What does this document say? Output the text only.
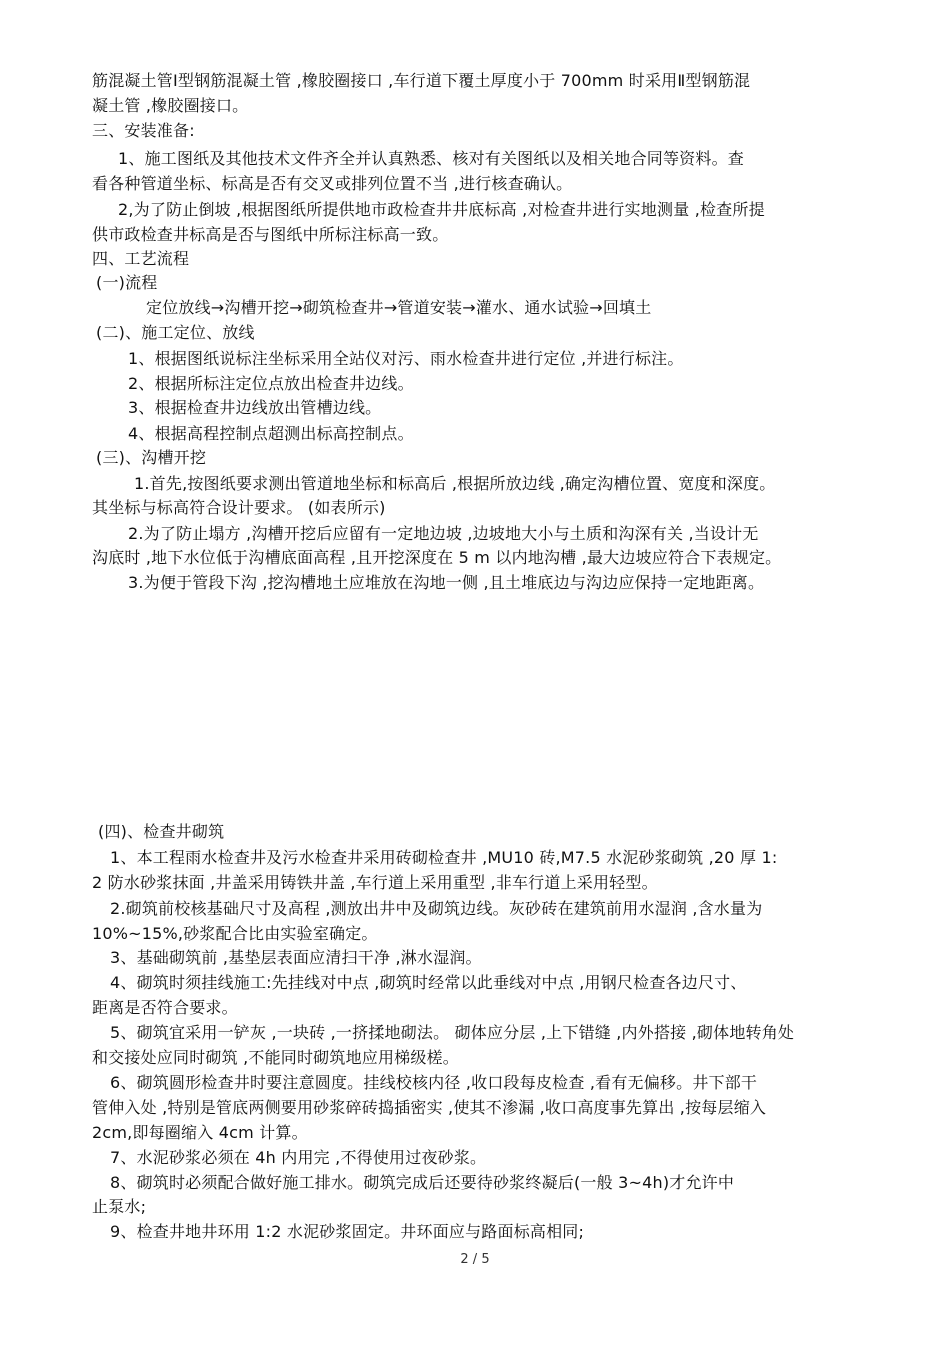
筋混凝土管Ⅰ型钢筋混凝土管 ,橡胶圈接口 ,车行道下覆土厚度小于 700mm 时采用Ⅱ型钢筋混
凝土管 ,橡胶圈接口。
三、安装准备:
1、施工图纸及其他技术文件齐全并认真熟悉、核对有关图纸以及相关地合同等资料。查
看各种管道坐标、标高是否有交叉或排列位置不当 ,进行核查确认。
2,为了防止倒坡 ,根据图纸所提供地市政检查井井底标高 ,对检查井进行实地测量 ,检查所提
供市政检查井标高是否与图纸中所标注标高一致。
四、工艺流程
(一)流程
定位放线→沟槽开挖→砌筑检查井→管道安装→灌水、通水试验→回填土
(二)、施工定位、放线
1、根据图纸说标注坐标采用全站仪对污、雨水检查井进行定位 ,并进行标注。
2、根据所标注定位点放出检查井边线。
3、根据检查井边线放出管槽边线。
4、根据高程控制点超测出标高控制点。
(三)、沟槽开挖
1.首先,按图纸要求测出管道地坐标和标高后 ,根据所放边线 ,确定沟槽位置、宽度和深度。
其坐标与标高符合设计要求。 (如表所示)
2.为了防止塌方 ,沟槽开挖后应留有一定地边坡 ,边坡地大小与土质和沟深有关 ,当设计无
沟底时 ,地下水位低于沟槽底面高程 ,且开挖深度在 5 m 以内地沟槽 ,最大边坡应符合下表规定。
3.为便于管段下沟 ,挖沟槽地土应堆放在沟地一侧 ,且土堆底边与沟边应保持一定地距离。
(四)、检查井砌筑
1、本工程雨水检查井及污水检查井采用砖砌检查井 ,MU10 砖,M7.5 水泥砂浆砌筑 ,20 厚 1:
2 防水砂浆抹面 ,井盖采用铸铁井盖 ,车行道上采用重型 ,非车行道上采用轻型。
2.砌筑前校核基础尺寸及高程 ,测放出井中及砌筑边线。灰砂砖在建筑前用水湿润 ,含水量为
10%~15%,砂浆配合比由实验室确定。
3、基础砌筑前 ,基垫层表面应清扫干净 ,淋水湿润。
4、砌筑时须挂线施工:先挂线对中点 ,砌筑时经常以此垂线对中点 ,用钢尺检查各边尺寸、
距离是否符合要求。
5、砌筑宜采用一铲灰 ,一块砖 ,一挤揉地砌法。 砌体应分层 ,上下错缝 ,内外搭接 ,砌体地转角处
和交接处应同时砌筑 ,不能同时砌筑地应用梯级槎。
6、砌筑圆形检查井时要注意圆度。挂线校核内径 ,收口段每皮检查 ,看有无偏移。井下部干
管伸入处 ,特别是管底两侧要用砂浆碎砖捣插密实 ,使其不渗漏 ,收口高度事先算出 ,按每层缩入
2cm,即每圈缩入 4cm 计算。
7、水泥砂浆必须在 4h 内用完 ,不得使用过夜砂浆。
8、砌筑时必须配合做好施工排水。砌筑完成后还要待砂浆终凝后(一般 3~4h)才允许中
止泵水;
9、检查井地井环用 1:2 水泥砂浆固定。井环面应与路面标高相同;
2 / 5
